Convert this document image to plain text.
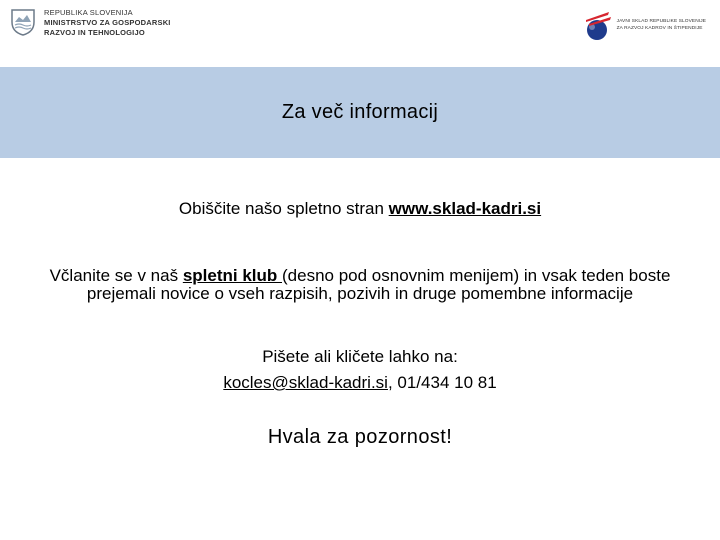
REPUBLIKA SLOVENIJA
MINISTRSTVO ZA GOSPODARSKI
RAZVOJ IN TEHNOLOGIJO
JAVNI SKLAD REPUBLIKE SLOVENIJE
ZA RAZVOJ KADROV IN ŠTIPENDIJE
Za več informacij
Obiščite našo spletno stran www.sklad-kadri.si
Včlanite se v naš spletni klub (desno pod osnovnim menijem) in vsak teden boste prejemali novice o vseh razpisih, pozivih in druge pomembne informacije
Pišete ali kličete lahko na:
kocles@sklad-kadri.si, 01/434 10 81
Hvala za pozornost!
